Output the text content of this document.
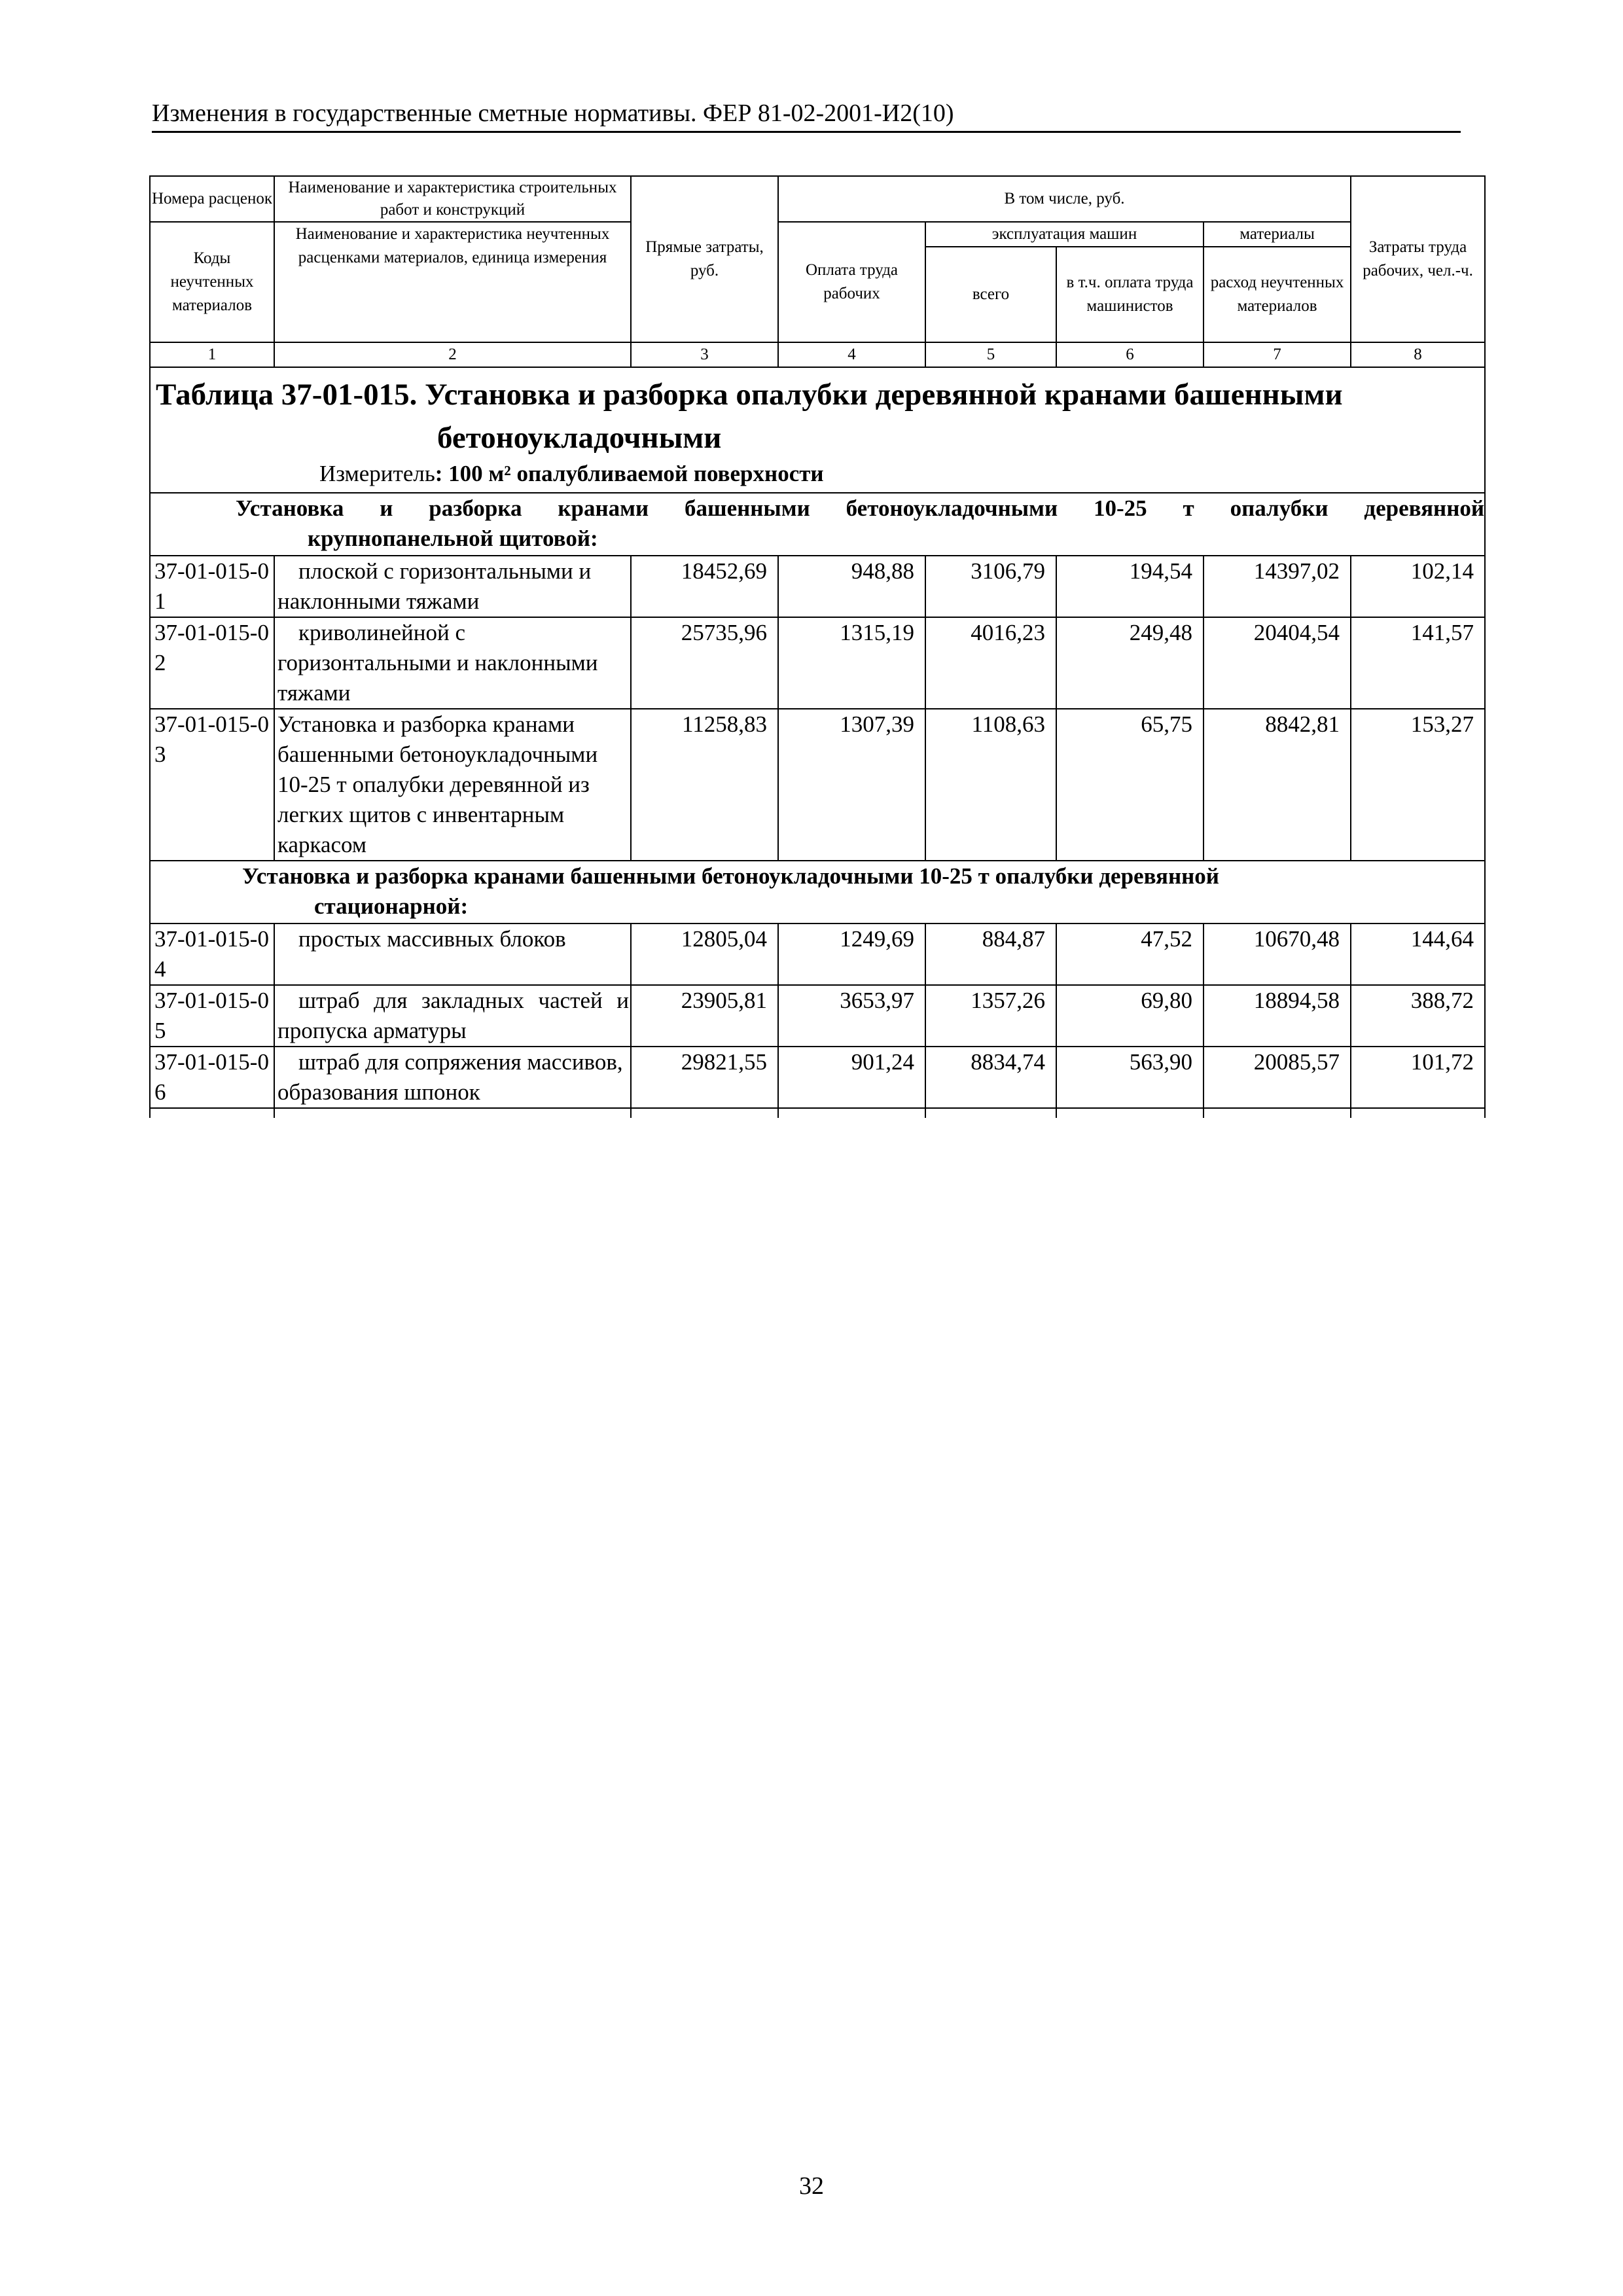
Изменения в государственные сметные нормативы. ФЕР 81-02-2001-И2(10)
Номера расценок	Наименование и характеристика строительных работ и конструкций	Прямые затраты, руб.	В том числе, руб.				Затраты труда рабочих, чел.-ч.
Коды неучтенных материалов	Наименование и характеристика неучтенных расценками материалов, единица измерения		Оплата труда рабочих	эксплуатация машин		материалы	
				всего	в т.ч. оплата труда машинистов	расход неучтенных материалов	
1	2	3	4	5	6	7	8

Таблица 37-01-015. Установка и разборка опалубки деревянной кранами башенными
бетоноукладочными
Измеритель: 100 м² опалубливаемой поверхности							

Установка и разборка кранами башенными бетоноукладочными 10-25 т опалубки деревянной
крупнопанельной щитовой:							

37-01-015-01	плоской с горизонтальными и наклонными тяжами	18452,69	948,88	3106,79	194,54	14397,02	102,14
37-01-015-02	криволинейной с горизонтальными и наклонными тяжами	25735,96	1315,19	4016,23	249,48	20404,54	141,57
37-01-015-03	Установка и разборка кранами башенными бетоноукладочными 10-25 т опалубки деревянной из легких щитов с инвентарным каркасом	11258,83	1307,39	1108,63	65,75	8842,81	153,27

Установка и разборка кранами башенными бетоноукладочными 10-25 т опалубки деревянной
стационарной:							

37-01-015-04	простых массивных блоков	12805,04	1249,69	884,87	47,52	10670,48	144,64
37-01-015-05	штраб для закладных частей и пропуска арматуры	23905,81	3653,97	1357,26	69,80	18894,58	388,72
37-01-015-06	штраб для сопряжения массивов, образования шпонок	29821,55	901,24	8834,74	563,90	20085,57	101,72

32
